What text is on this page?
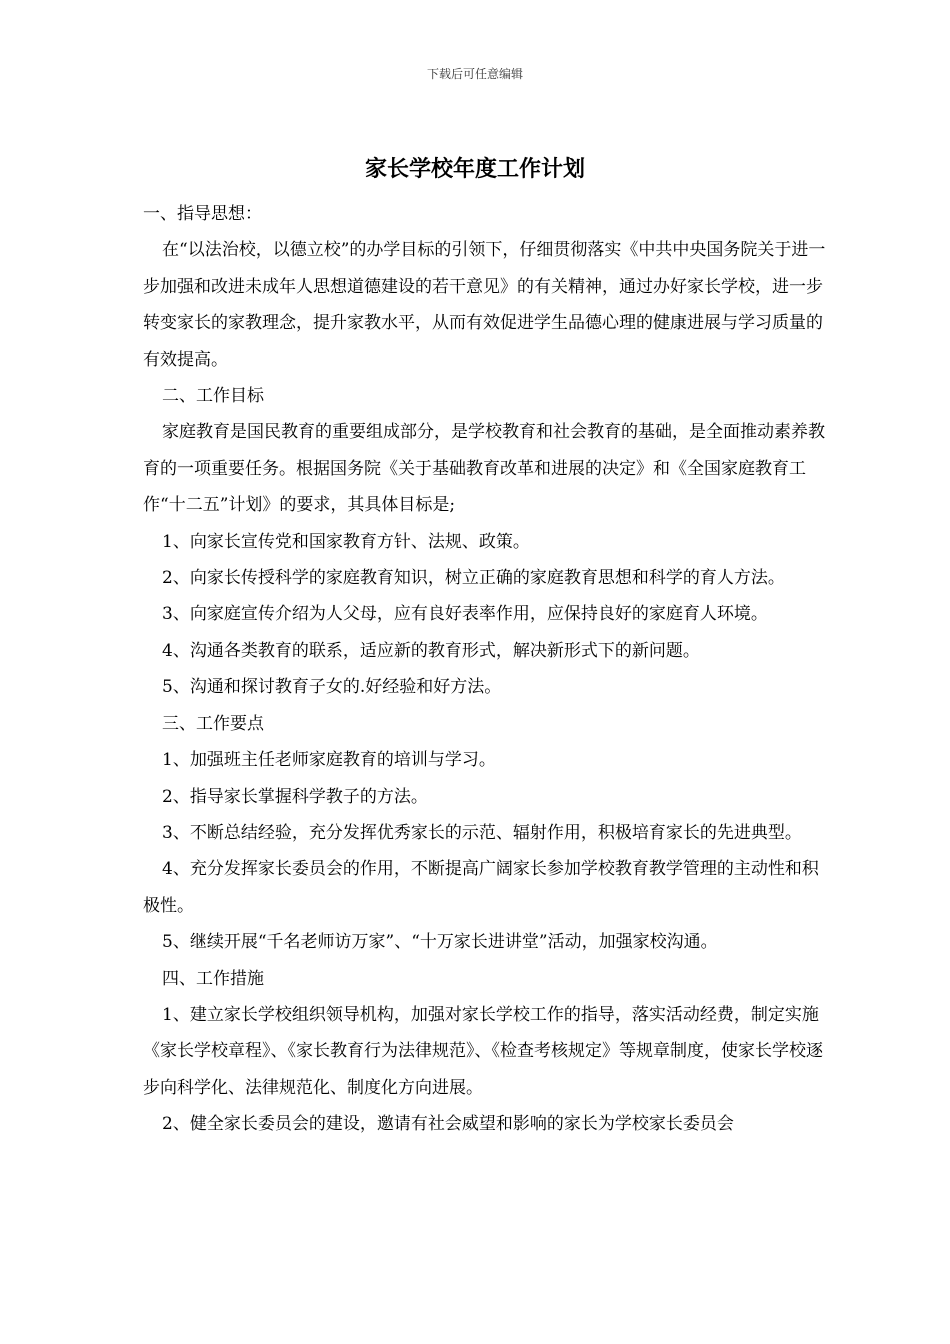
下载后可任意编辑
家长学校年度工作计划

一、指导思想：

在“以法治校，以德立校”的办学目标的引领下，仔细贯彻落实《中共中央国务院关于进一步加强和改进未成年人思想道德建设的若干意见》的有关精神，通过办好家长学校，进一步转变家长的家教理念，提升家教水平，从而有效促进学生品德心理的健康进展与学习质量的有效提高。

二、工作目标

家庭教育是国民教育的重要组成部分，是学校教育和社会教育的基础，是全面推动素养教育的一项重要任务。根据国务院《关于基础教育改革和进展的决定》和《全国家庭教育工作“十二五”计划》的要求，其具体目标是;

1、向家长宣传党和国家教育方针、法规、政策。

2、向家长传授科学的家庭教育知识，树立正确的家庭教育思想和科学的育人方法。

3、向家庭宣传介绍为人父母，应有良好表率作用，应保持良好的家庭育人环境。

4、沟通各类教育的联系，适应新的教育形式，解决新形式下的新问题。

5、沟通和探讨教育子女的.好经验和好方法。

三、工作要点

1、加强班主任老师家庭教育的培训与学习。

2、指导家长掌握科学教子的方法。

3、不断总结经验，充分发挥优秀家长的示范、辐射作用，积极培育家长的先进典型。

4、充分发挥家长委员会的作用，不断提高广阔家长参加学校教育教学管理的主动性和积极性。

5、继续开展“千名老师访万家”、“十万家长进讲堂”活动，加强家校沟通。

四、工作措施

1、建立家长学校组织领导机构，加强对家长学校工作的指导，落实活动经费，制定实施《家长学校章程》、《家长教育行为法律规范》、《检查考核规定》等规章制度，使家长学校逐步向科学化、法律规范化、制度化方向进展。

2、健全家长委员会的建设，邀请有社会威望和影响的家长为学校家长委员会
